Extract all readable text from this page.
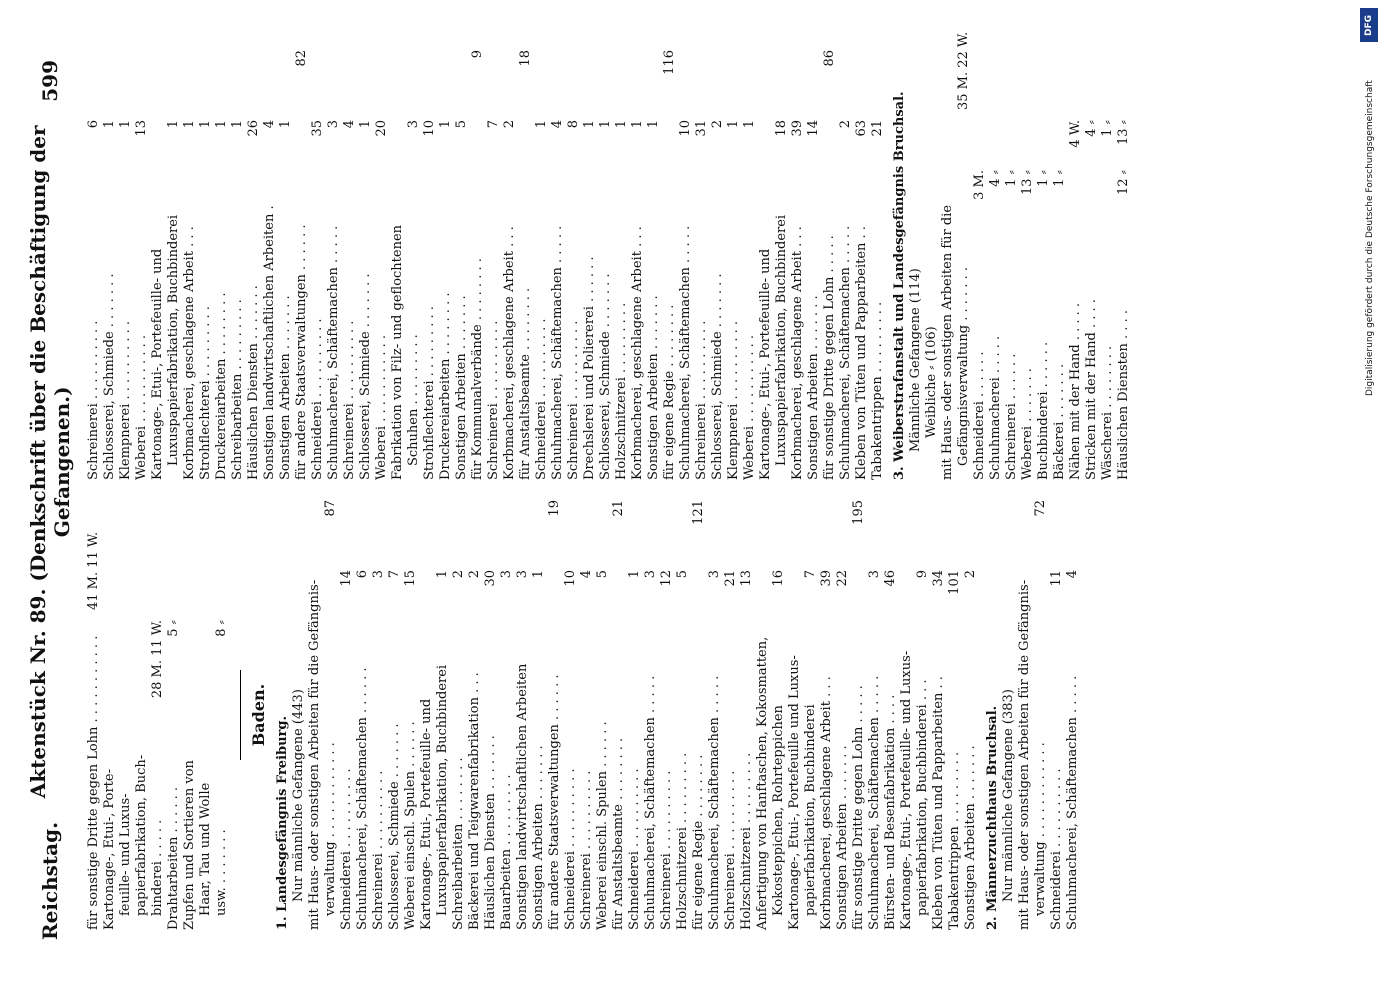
Reichstag.
Aktenstück Nr. 89. (Denkschrift über die Beschäftigung der Gefangenen.)
599
für sonstige Dritte gegen Lohn . . . . . . . . . . .
41 M. 11 W.
Kartonage-, Etui-, Porte- feuille- und Luxus- papierfabrikation, Buch- binderei . . . . .
28 M. 11 W.
Drahtarbeiten . . . . . .
5 ⸗
Zupfen und Sortieren von Haar, Tau und Wolle usw. . . . . . . .
8 ⸗
Baden.
1. Landesgefängnis Freiburg. Nur männliche Gefangene (443) mit Haus- oder sonstigen Arbeiten für die Gefängnis- verwaltung . . . . . . . . . . . .
87
Schneiderei . . . . . . . . . .
14
Schuhmacherei, Schäftemachen . . . . . .
6
Schreinerei . . . . . . . . . .
3
Schlosserei, Schmiede . . . . . . .
7
Weberei einschl. Spulen . . . . . .
15
Kartonage-, Etui-, Portefeuille- und Luxuspapierfabrikation, Buchbinderei
1
Schreibarbeiten . . . . . . . .
2
Bäckerei und Teigwarenfabrikation . . .
2
Häuslichen Diensten . . . . . . .
30
Bauarbeiten . . . . . . . . .
3
Sonstigen landwirtschaftlichen Arbeiten
3
Sonstigen Arbeiten . . . . . . .
1
für andere Staatsverwaltungen . . . . . .
19
Schneiderei . . . . . . . . . .
10
Schreinerei . . . . . . . . . .
4
Weberei einschl. Spulen . . . . . .
5
für Anstaltsbeamte . . . . . . . .
21
Schneiderei . . . . . . . . . .
1
Schuhmacherei, Schäftemachen . . . . .
3
Schreinerei . . . . . . . . . .
12
Holzschnitzerei . . . . . . . . .
5
für eigene Regie . . . . . . . .
121
Schuhmacherei, Schäftemachen . . . . .
3
Schreinerei . . . . . . . . . .
21
Holzschnitzerei . . . . . . . . .
13
Anfertigung von Hanftaschen, Kokosmatten, Kokosteppichen, Rohrteppichen
16
Kartonage-, Etui-, Portefeuille und Luxus- papierfabrikation, Buchbinderei
7
Korbmacherei, geschlagene Arbeit . . .
39
Sonstigen Arbeiten . . . . . . .
22
für sonstige Dritte gegen Lohn . . . . .
195
Schuhmacherei, Schäftemachen . . . . .
3
Bürsten- und Besenfabrikation . . . .
46
Kartonage-, Etui-, Portefeuille- und Luxus- papierfabrikation, Buchbinderei . . .
9
Kleben von Tüten und Papparbeiten . .
34
Tabakentrippen . . . . . . . . .
101
Sonstigen Arbeiten . . . . . . .
2
2. Männerzuchthaus Bruchsal. Nur männliche Gefangene (383) mit Haus- oder sonstigen Arbeiten für die Gefängnis- verwaltung . . . . . . . . . . . .
72
Schneiderei . . . . . . . . . .
11
Schuhmacherei, Schäftemachen . . . . .
4
Schreinerei . . . . . . . . . .
6
Schlosserei, Schmiede . . . . . . .
1
Klempnerei . . . . . . . . . .
1
Weberei . . . . . . . . . . .
13
Kartonage-, Etui-, Portefeuille- und Luxuspapierfabrikation, Buchbinderei
1
Korbmacherei, geschlagene Arbeit . . .
1
Strohflechterei . . . . . . . . .
1
Druckereiarbeiten . . . . . . . .
1
Schreibarbeiten . . . . . . . . .
1
Häuslichen Diensten . . . . . . .
26
Sonstigen landwirtschaftlichen Arbeiten .
4
Sonstigen Arbeiten . . . . . . .
1
für andere Staatsverwaltungen . . . . . .
82
Schneiderei . . . . . . . . . .
35
Schuhmacherei, Schäftemachen . . . . .
3
Schreinerei . . . . . . . . . .
4
Schlosserei, Schmiede . . . . . . .
1
Weberei . . . . . . . . . . .
20
Fabrikation von Filz- und geflochtenen Schuhen . . . . . . . . .
3
Strohflechterei . . . . . . . . .
10
Druckereiarbeiten . . . . . . . .
1
Sonstigen Arbeiten . . . . . . .
5
für Kommunalverbände . . . . . . . .
9
Schreinerei . . . . . . . . . .
7
Korbmacherei, geschlagene Arbeit . . .
2
für Anstaltsbeamte . . . . . . . .
18
Schneiderei . . . . . . . . . .
1
Schuhmacherei, Schäftemachen . . . . .
4
Schreinerei . . . . . . . . . .
8
Drechslerei und Poliererei . . . . . .
1
Schlosserei, Schmiede . . . . . . .
1
Holzschnitzerei . . . . . . . . .
1
Korbmacherei, geschlagene Arbeit . . .
1
Sonstigen Arbeiten . . . . . . .
1
für eigene Regie . . . . . . . .
116
Schuhmacherei, Schäftemachen . . . . .
10
Schreinerei . . . . . . . . . .
31
Schlosserei, Schmiede . . . . . . .
2
Klempnerei . . . . . . . . . .
1
Weberei . . . . . . . . . . .
1
Kartonage-, Etui-, Portefeuille- und Luxuspapierfabrikation, Buchbinderei
18
Korbmacherei, geschlagene Arbeit . . .
39
Sonstigen Arbeiten . . . . . . .
14
für sonstige Dritte gegen Lohn . . . . .
86
Schuhmacherei, Schäftemachen . . . . .
2
Kleben von Tüten und Papparbeiten . .
63
Tabakentrippen . . . . . . . . .
21 3. Weiberstrafanstalt und Landesgefängnis Bruchsal. Männliche Gefangene (114) Weibliche ⸗ (106) mit Haus- oder sonstigen Arbeiten für die Gefängnisverwaltung . . . . . . .
35 M. 22 W.
Schneiderei . . . . . .
3 M.
Schuhmacherei . . . . .
4 ⸗
Schreinerei . . . . . .
1 ⸗
Weberei . . . . . . .
13 ⸗
Buchbinderei . . . . . .
1 ⸗
Bäckerei . . . . . . .
1 ⸗
Nähen mit der Hand . . . . .
4 W.
Stricken mit der Hand . . . .
4 ⸗
Wäscherei . . . . . . . .
1 ⸗
Häuslichen Diensten . . . .
12 ⸗
13 ⸗
DFG
Digitalisierung gefördert durch die Deutsche Forschungsgemeinschaft
